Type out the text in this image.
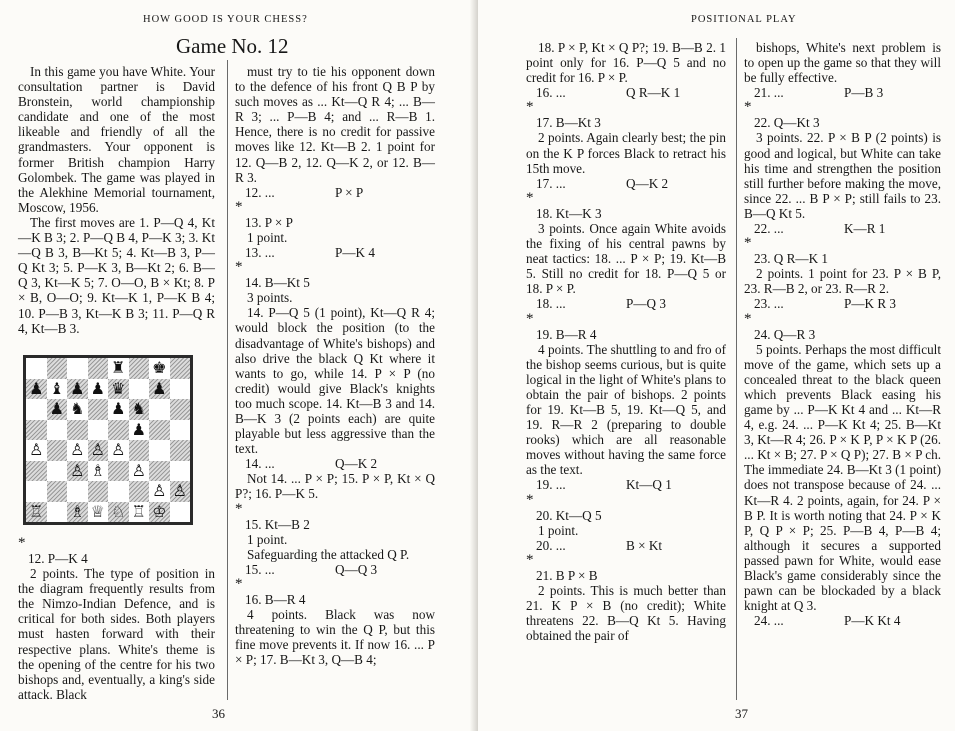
HOW GOOD IS YOUR CHESS?
Game No. 12

In this game you have White. Your consultation partner is David Bronstein, world championship candidate and one of the most likeable and friendly of all the grandmasters. Your opponent is former British champion Harry Golombek. The game was played in the Alekhine Memorial tournament, Moscow, 1956.

The first moves are 1. P—Q 4, Kt—K B 3; 2. P—Q B 4, P—K 3; 3. Kt—Q B 3, B—Kt 5; 4. Kt—B 3, P—Q Kt 3; 5. P—K 3, B—Kt 2; 6. B—Q 3, Kt—K 5; 7. O—O, B × Kt; 8. P × B, O—O; 9. Kt—K 1, P—K B 4; 10. P—B 3, Kt—K B 3; 11. P—Q R 4, Kt—B 3.

♜ ♚
♟ ♝ ♟ ♟ ♛ ♟
♟ ♞ ♟ ♞
♟
♙ ♙ ♙ ♙
♙ ♗ ♙
♙ ♙
♖ ♗ ♕ ♘ ♖ ♔

*

12. P—K 4

2 points. The type of position in the diagram frequently results from the Nimzo-Indian Defence, and is critical for both sides. Both players must hasten forward with their respective plans. White's theme is the opening of the centre for his two bishops and, eventually, a king's side attack. Black

must try to tie his opponent down to the defence of his front Q B P by such moves as ... Kt—Q R 4; ... B—R 3; ... P—B 4; and ... R—B 1. Hence, there is no credit for passive moves like 12. Kt—B 2. 1 point for 12. Q—B 2, 12. Q—K 2, or 12. B—R 3.

12. ...	P × P

*

13. P × P

1 point.

13. ...	P—K 4

*

14. B—Kt 5

3 points.

14. P—Q 5 (1 point), Kt—Q R 4; would block the position (to the disadvantage of White's bishops) and also drive the black Q Kt where it wants to go, while 14. P × P (no credit) would give Black's knights too much scope. 14. Kt—B 3 and 14. B—K 3 (2 points each) are quite playable but less aggressive than the text.

14. ...	Q—K 2

Not 14. ... P × P; 15. P × P, Kt × Q P?; 16. P—K 5.

*

15. Kt—B 2

1 point.

Safeguarding the attacked Q P.

15. ...	Q—Q 3

*

16. B—R 4

4 points. Black was now threatening to win the Q P, but this fine move prevents it. If now 16. ... P × P; 17. B—Kt 3, Q—B 4;

36
POSITIONAL PLAY

18. P × P, Kt × Q P?; 19. B—B 2. 1 point only for 16. P—Q 5 and no credit for 16. P × P.

16. ...	Q R—K 1

*

17. B—Kt 3

2 points. Again clearly best; the pin on the K P forces Black to retract his 15th move.

17. ...	Q—K 2

*

18. Kt—K 3

3 points. Once again White avoids the fixing of his central pawns by neat tactics: 18. ... P × P; 19. Kt—B 5. Still no credit for 18. P—Q 5 or 18. P × P.

18. ...	P—Q 3

*

19. B—R 4

4 points. The shuttling to and fro of the bishop seems curious, but is quite logical in the light of White's plans to obtain the pair of bishops. 2 points for 19. Kt—B 5, 19. Kt—Q 5, and 19. R—R 2 (preparing to double rooks) which are all reasonable moves without having the same force as the text.

19. ...	Kt—Q 1

*

20. Kt—Q 5

1 point.

20. ...	B × Kt

*

21. B P × B

2 points. This is much better than 21. K P × B (no credit); White threatens 22. B—Q Kt 5. Having obtained the pair of

bishops, White's next problem is to open up the game so that they will be fully effective.

21. ...	P—B 3

*

22. Q—Kt 3

3 points. 22. P × B P (2 points) is good and logical, but White can take his time and strengthen the position still further before making the move, since 22. ... B P × P; still fails to 23. B—Q Kt 5.

22. ...	K—R 1

*

23. Q R—K 1

2 points. 1 point for 23. P × B P, 23. R—B 2, or 23. R—R 2.

23. ...	P—K R 3

*

24. Q—R 3

5 points. Perhaps the most difficult move of the game, which sets up a concealed threat to the black queen which prevents Black easing his game by ... P—K Kt 4 and ... Kt—R 4, e.g. 24. ... P—K Kt 4; 25. B—Kt 3, Kt—R 4; 26. P × K P, P × K P (26. ... Kt × B; 27. P × Q P); 27. B × P ch. The immediate 24. B—Kt 3 (1 point) does not transpose because of 24. ... Kt—R 4. 2 points, again, for 24. P × B P. It is worth noting that 24. P × K P, Q P × P; 25. P—B 4, P—B 4; although it secures a supported passed pawn for White, would ease Black's game considerably since the pawn can be blockaded by a black knight at Q 3.

24. ...	P—K Kt 4

37
